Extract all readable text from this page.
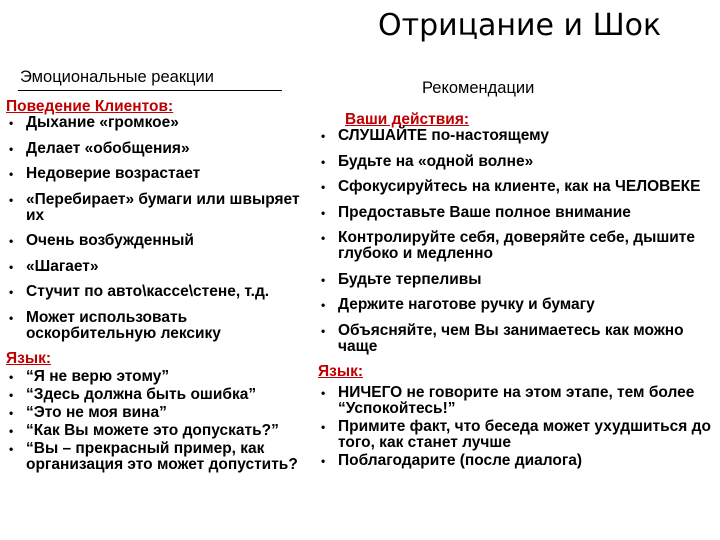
Отрицание и Шок
Эмоциональные реакции
Рекомендации
Поведение Клиентов:
• Дыхание «громкое»
• Делает «обобщения»
• Недоверие возрастает
• «Перебирает» бумаги или швыряет их
• Очень возбужденный
• «Шагает»
• Стучит по авто\кассе\стене, т.д.
• Может использовать оскорбительную лексику
Язык:
• “Я не верю этому”
• “Здесь должна быть ошибка”
• “Это не моя вина”
• “Как Вы можете это допускать?”
• “Вы – прекрасный пример, как организация это может допустить?
Ваши действия:
• СЛУШАЙТЕ по-настоящему
• Будьте на «одной волне»
• Сфокусируйтесь на клиенте, как на ЧЕЛОВЕКЕ
• Предоставьте Ваше полное внимание
• Контролируйте себя, доверяйте себе, дышите глубоко и медленно
• Будьте терпеливы
• Держите наготове ручку и бумагу
• Объясняйте, чем Вы занимаетесь как можно чаще
Язык:
• НИЧЕГО не говорите на этом этапе, тем более “Успокойтесь!”
• Примите факт, что беседа может ухудшиться до того, как станет лучше
• Поблагодарите (после диалога)
